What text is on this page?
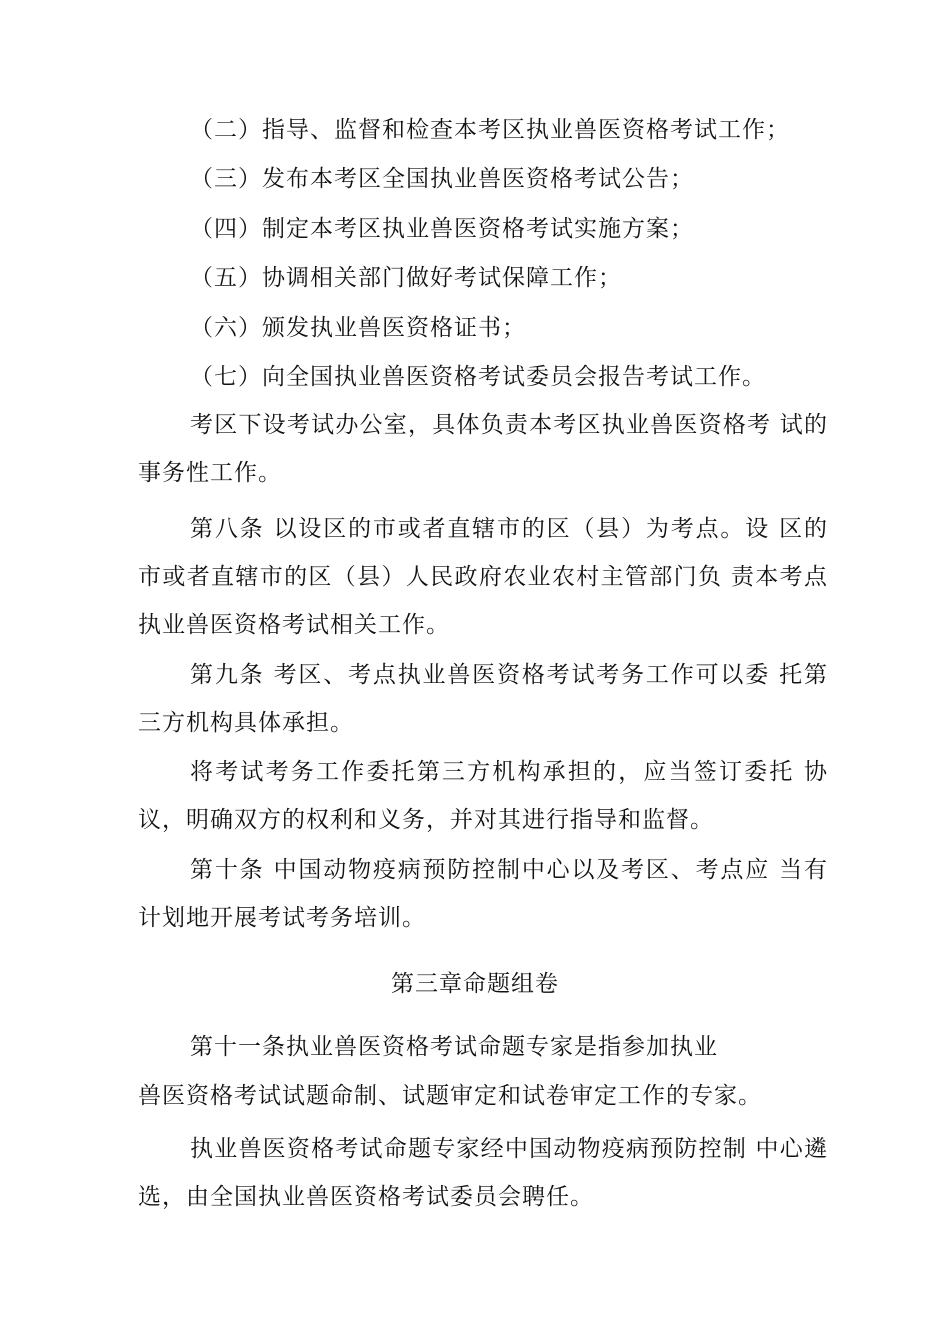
（二）指导、监督和检查本考区执业兽医资格考试工作；

（三）发布本考区全国执业兽医资格考试公告；

（四）制定本考区执业兽医资格考试实施方案；

（五）协调相关部门做好考试保障工作；

（六）颁发执业兽医资格证书；

（七）向全国执业兽医资格考试委员会报告考试工作。

考区下设考试办公室，具体负责本考区执业兽医资格考 试的事务性工作。

第八条 以设区的市或者直辖市的区（县）为考点。设 区的市或者直辖市的区（县）人民政府农业农村主管部门负 责本考点执业兽医资格考试相关工作。

第九条 考区、考点执业兽医资格考试考务工作可以委 托第三方机构具体承担。

将考试考务工作委托第三方机构承担的，应当签订委托 协议，明确双方的权利和义务，并对其进行指导和监督。

第十条 中国动物疫病预防控制中心以及考区、考点应 当有计划地开展考试考务培训。

第三章命题组卷

第十一条执业兽医资格考试命题专家是指参加执业

兽医资格考试试题命制、试题审定和试卷审定工作的专家。

执业兽医资格考试命题专家经中国动物疫病预防控制 中心遴选，由全国执业兽医资格考试委员会聘任。
